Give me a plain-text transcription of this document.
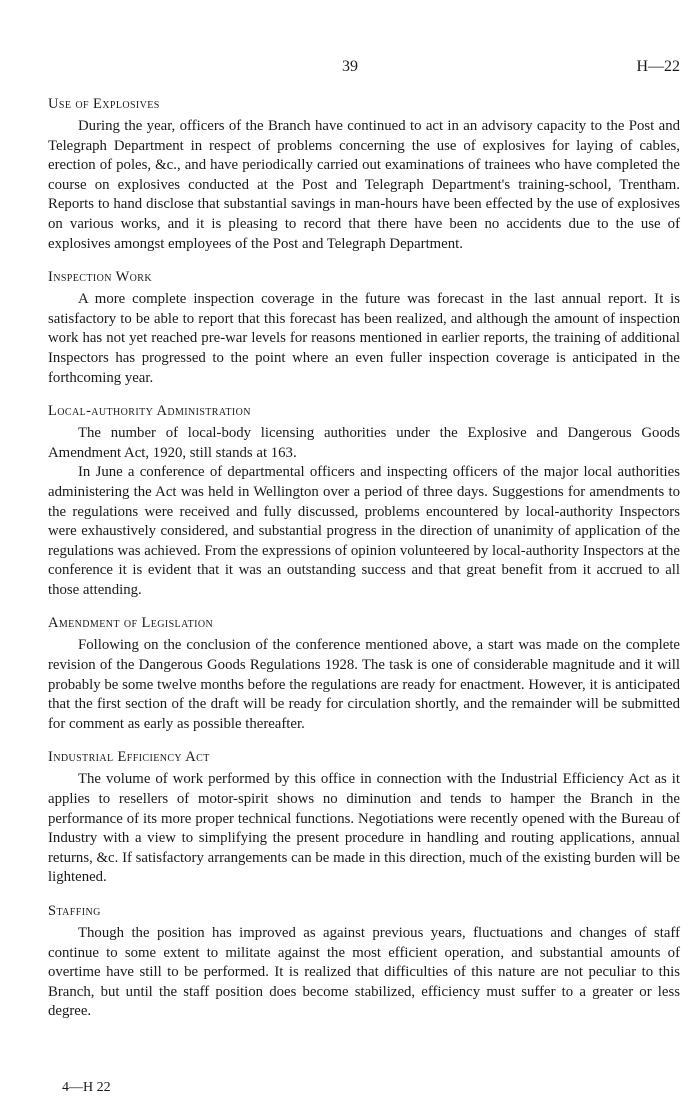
39	H—22
Use of Explosives

During the year, officers of the Branch have continued to act in an advisory capacity to the Post and Telegraph Department in respect of problems concerning the use of explosives for laying of cables, erection of poles, &c., and have periodically carried out examinations of trainees who have completed the course on explosives conducted at the Post and Telegraph Department's training-school, Trentham. Reports to hand disclose that substantial savings in man-hours have been effected by the use of explosives on various works, and it is pleasing to record that there have been no accidents due to the use of explosives amongst employees of the Post and Telegraph Department.

Inspection Work

A more complete inspection coverage in the future was forecast in the last annual report. It is satisfactory to be able to report that this forecast has been realized, and although the amount of inspection work has not yet reached pre-war levels for reasons mentioned in earlier reports, the training of additional Inspectors has progressed to the point where an even fuller inspection coverage is anticipated in the forthcoming year.

Local-authority Administration

The number of local-body licensing authorities under the Explosive and Dangerous Goods Amendment Act, 1920, still stands at 163.

In June a conference of departmental officers and inspecting officers of the major local authorities administering the Act was held in Wellington over a period of three days. Suggestions for amendments to the regulations were received and fully discussed, problems encountered by local-authority Inspectors were exhaustively considered, and substantial progress in the direction of unanimity of application of the regulations was achieved. From the expressions of opinion volunteered by local-authority Inspectors at the conference it is evident that it was an outstanding success and that great benefit from it accrued to all those attending.

Amendment of Legislation

Following on the conclusion of the conference mentioned above, a start was made on the complete revision of the Dangerous Goods Regulations 1928. The task is one of considerable magnitude and it will probably be some twelve months before the regulations are ready for enactment. However, it is anticipated that the first section of the draft will be ready for circulation shortly, and the remainder will be submitted for comment as early as possible thereafter.

Industrial Efficiency Act

The volume of work performed by this office in connection with the Industrial Efficiency Act as it applies to resellers of motor-spirit shows no diminution and tends to hamper the Branch in the performance of its more proper technical functions. Negotiations were recently opened with the Bureau of Industry with a view to simplifying the present procedure in handling and routing applications, annual returns, &c. If satisfactory arrangements can be made in this direction, much of the existing burden will be lightened.

Staffing

Though the position has improved as against previous years, fluctuations and changes of staff continue to some extent to militate against the most efficient operation, and substantial amounts of overtime have still to be performed. It is realized that difficulties of this nature are not peculiar to this Branch, but until the staff position does become stabilized, efficiency must suffer to a greater or less degree.

4—H 22
